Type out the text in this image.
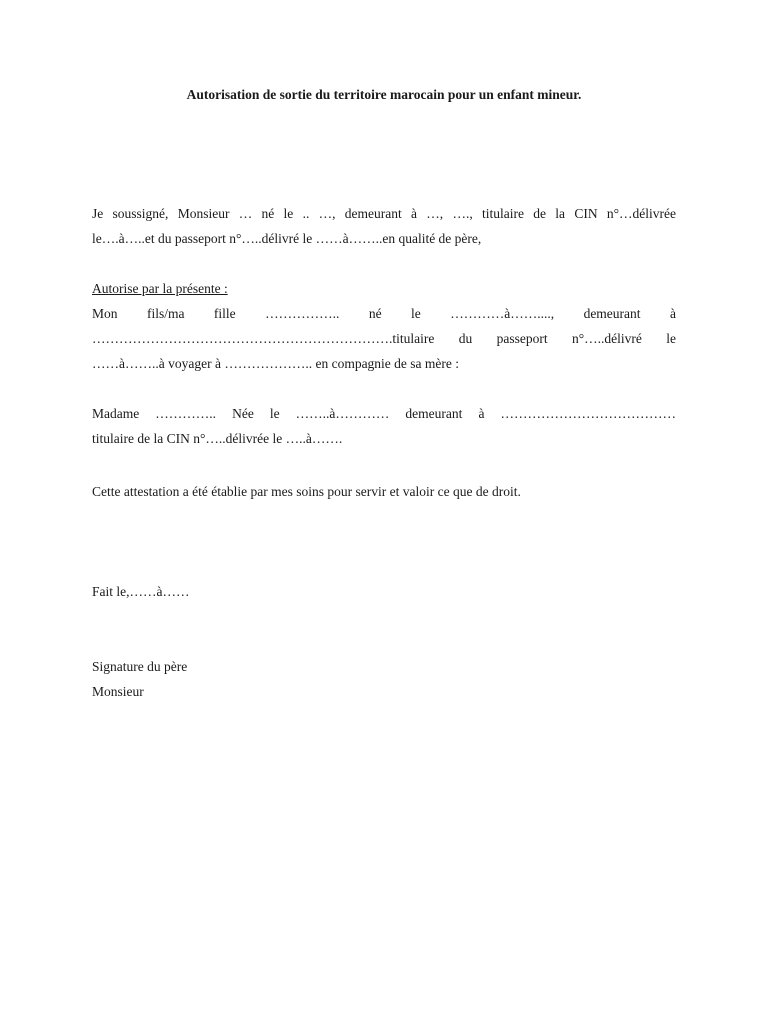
Autorisation de sortie du territoire marocain pour un enfant mineur.
Je soussigné, Monsieur … né le .. …, demeurant à …, …., titulaire de la CIN n°…délivrée
le….à…..et du passeport n°…..délivré le ……à……..en qualité de père,
Autorise par la présente :
Mon fils/ma fille …………….. né le …………à……...., demeurant à
………………………………………………………….titulaire du passeport n°…..délivré le
……à……..à voyager à ……………….. en compagnie de sa mère :
Madame ………….. Née le ……..à………… demeurant à …………………………………
titulaire de la CIN n°…..délivrée le …..à…….
Cette attestation a été établie par mes soins pour servir et valoir ce que de droit.
Fait le,……à……
Signature du père
Monsieur
